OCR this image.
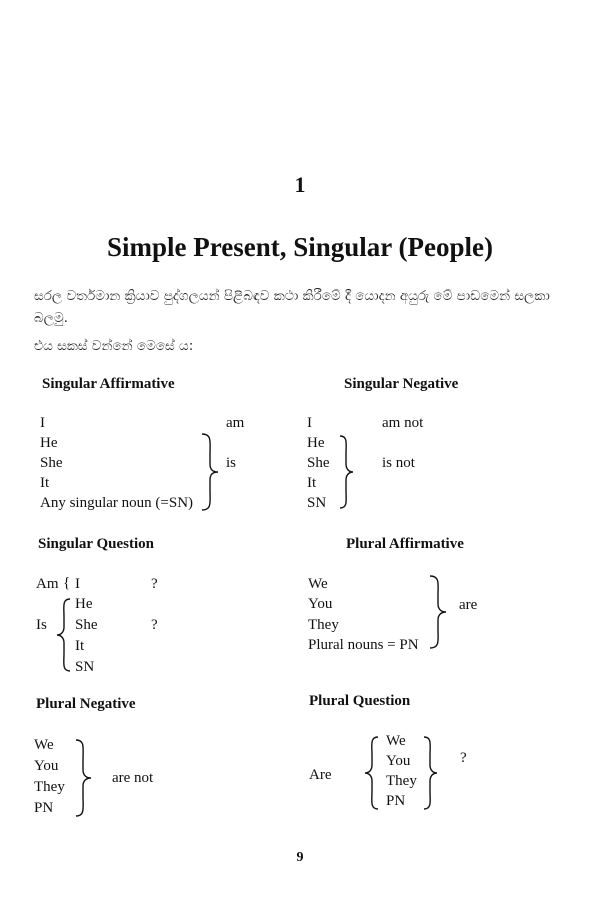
1
Simple Present, Singular (People)
සරල වර්තමාන ක්‍රියාව පුද්ගලයන් පිළිබඳව කථා කිරීමේ දී යොදන අයුරු මේ පාඩමෙන් සලකා
බලමු.
එය සකස් වන්නේ මෙසේ ය:
Singular Affirmative
I
He
She
It
Any singular noun (=SN)
am
is
Singular Negative
I
He
She
It
SN
am not
is not
Singular Question
Am { I	?
Is
He
She
It
SN
?
Plural Affirmative
We
You
They
Plural nouns = PN
are
Plural Negative
We
You
They
PN
are not
Plural Question
Are
We
You
They
PN
?
9
